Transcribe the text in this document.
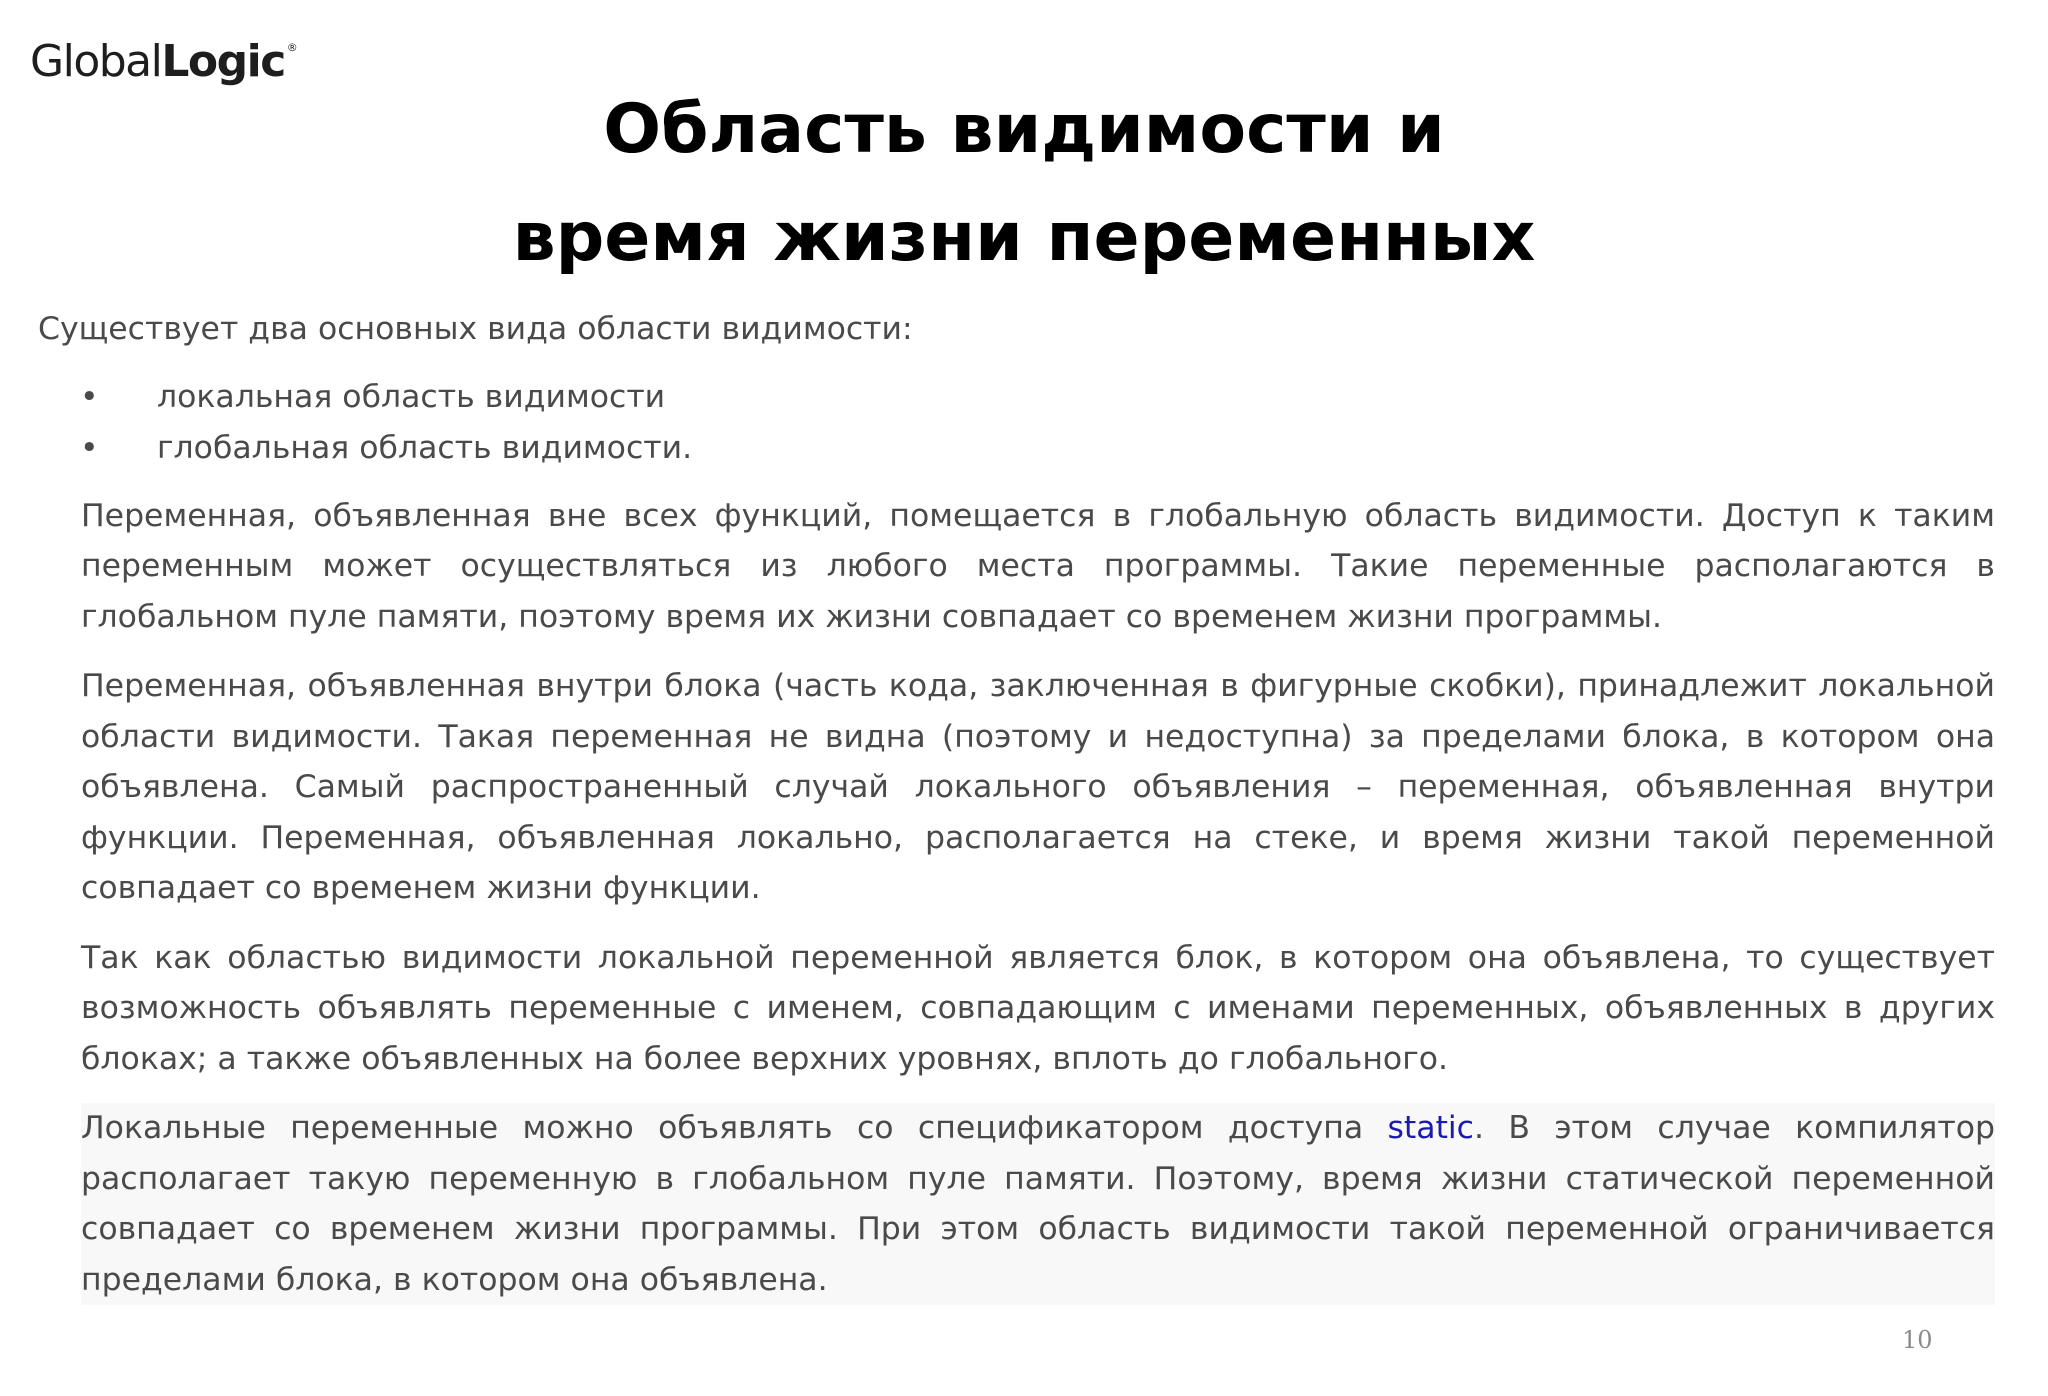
GlobalLogic ®
Область видимости и
время жизни переменных

Существует два основных вида области видимости:

• локальная область видимости
• глобальная область видимости.

Переменная, объявленная вне всех функций, помещается в глобальную область видимости. Доступ к таким переменным может осуществляться из любого места программы. Такие переменные располагаются в глобальном пуле памяти, поэтому время их жизни совпадает со временем жизни программы.

Переменная, объявленная внутри блока (часть кода, заключенная в фигурные скобки), принадлежит локальной области видимости. Такая переменная не видна (поэтому и недоступна) за пределами блока, в котором она объявлена. Самый распространенный случай локального объявления – переменная, объявленная внутри функции. Переменная, объявленная локально, располагается на стеке, и время жизни такой переменной совпадает со временем жизни функции.

Так как областью видимости локальной переменной является блок, в котором она объявлена, то существует возможность объявлять переменные с именем, совпадающим с именами переменных, объявленных в других блоках; а также объявленных на более верхних уровнях, вплоть до глобального.

Локальные переменные можно объявлять со спецификатором доступа static. В этом случае компилятор располагает такую переменную в глобальном пуле памяти. Поэтому, время жизни статической переменной совпадает со временем жизни программы. При этом область видимости такой переменной ограничивается пределами блока, в котором она объявлена.

10
